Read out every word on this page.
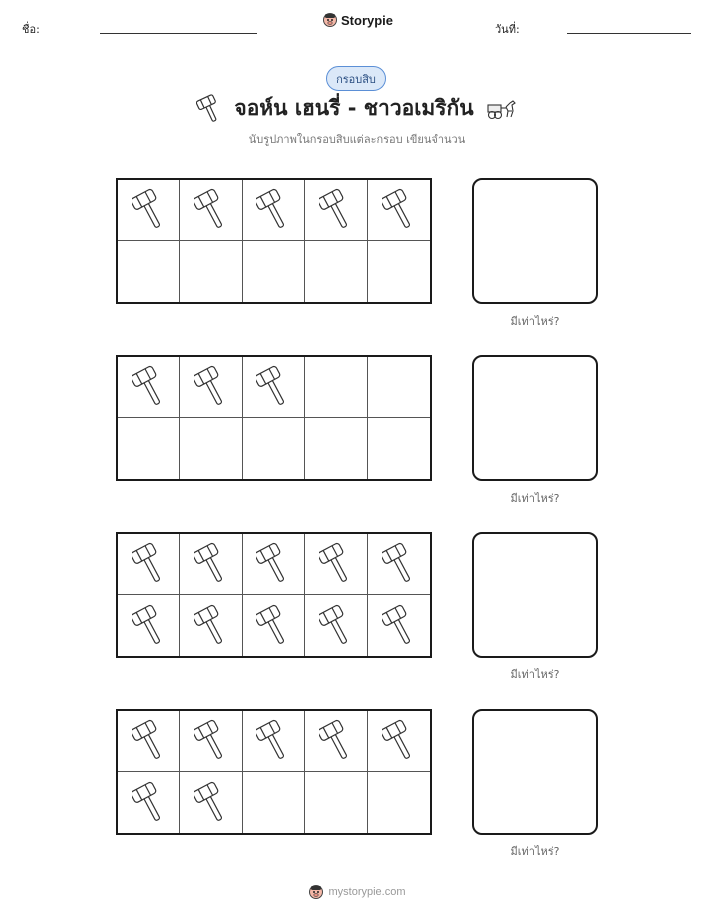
ชื่อ:
Storypie
วันที่:
กรอบสิบ
จอห์น เฮนรี่ - ชาวอเมริกัน
นับรูปภาพในกรอบสิบแต่ละกรอบ เขียนจำนวน
มีเท่าไหร่?
มีเท่าไหร่?
มีเท่าไหร่?
มีเท่าไหร่?
mystorypie.com
